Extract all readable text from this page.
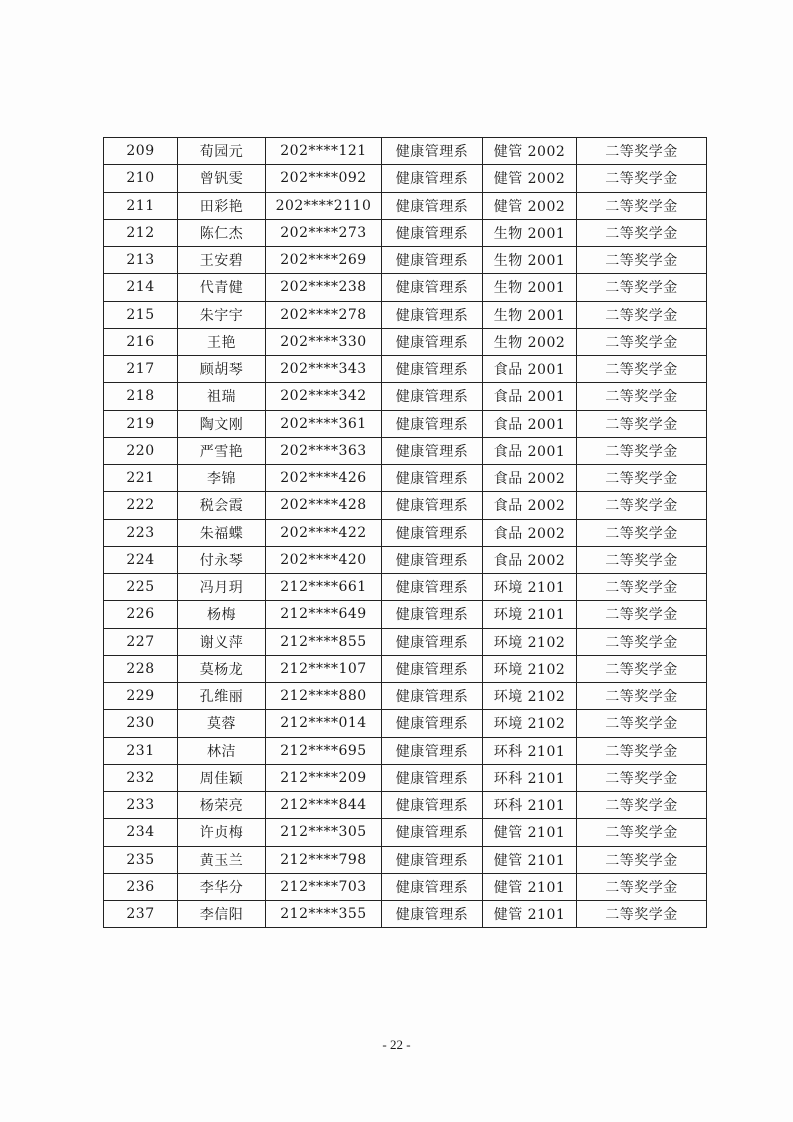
209	荀园元	202****121	健康管理系	健管 2002	二等奖学金
210	曾钒雯	202****092	健康管理系	健管 2002	二等奖学金
211	田彩艳	202****2110	健康管理系	健管 2002	二等奖学金
212	陈仁杰	202****273	健康管理系	生物 2001	二等奖学金
213	王安碧	202****269	健康管理系	生物 2001	二等奖学金
214	代青健	202****238	健康管理系	生物 2001	二等奖学金
215	朱宇宇	202****278	健康管理系	生物 2001	二等奖学金
216	王艳	202****330	健康管理系	生物 2002	二等奖学金
217	顾胡琴	202****343	健康管理系	食品 2001	二等奖学金
218	祖瑞	202****342	健康管理系	食品 2001	二等奖学金
219	陶文刚	202****361	健康管理系	食品 2001	二等奖学金
220	严雪艳	202****363	健康管理系	食品 2001	二等奖学金
221	李锦	202****426	健康管理系	食品 2002	二等奖学金
222	税会霞	202****428	健康管理系	食品 2002	二等奖学金
223	朱福蝶	202****422	健康管理系	食品 2002	二等奖学金
224	付永琴	202****420	健康管理系	食品 2002	二等奖学金
225	冯月玥	212****661	健康管理系	环境 2101	二等奖学金
226	杨梅	212****649	健康管理系	环境 2101	二等奖学金
227	谢义萍	212****855	健康管理系	环境 2102	二等奖学金
228	莫杨龙	212****107	健康管理系	环境 2102	二等奖学金
229	孔维丽	212****880	健康管理系	环境 2102	二等奖学金
230	莫蓉	212****014	健康管理系	环境 2102	二等奖学金
231	林洁	212****695	健康管理系	环科 2101	二等奖学金
232	周佳颖	212****209	健康管理系	环科 2101	二等奖学金
233	杨荣亮	212****844	健康管理系	环科 2101	二等奖学金
234	许贞梅	212****305	健康管理系	健管 2101	二等奖学金
235	黄玉兰	212****798	健康管理系	健管 2101	二等奖学金
236	李华分	212****703	健康管理系	健管 2101	二等奖学金
237	李信阳	212****355	健康管理系	健管 2101	二等奖学金
- 22 -
